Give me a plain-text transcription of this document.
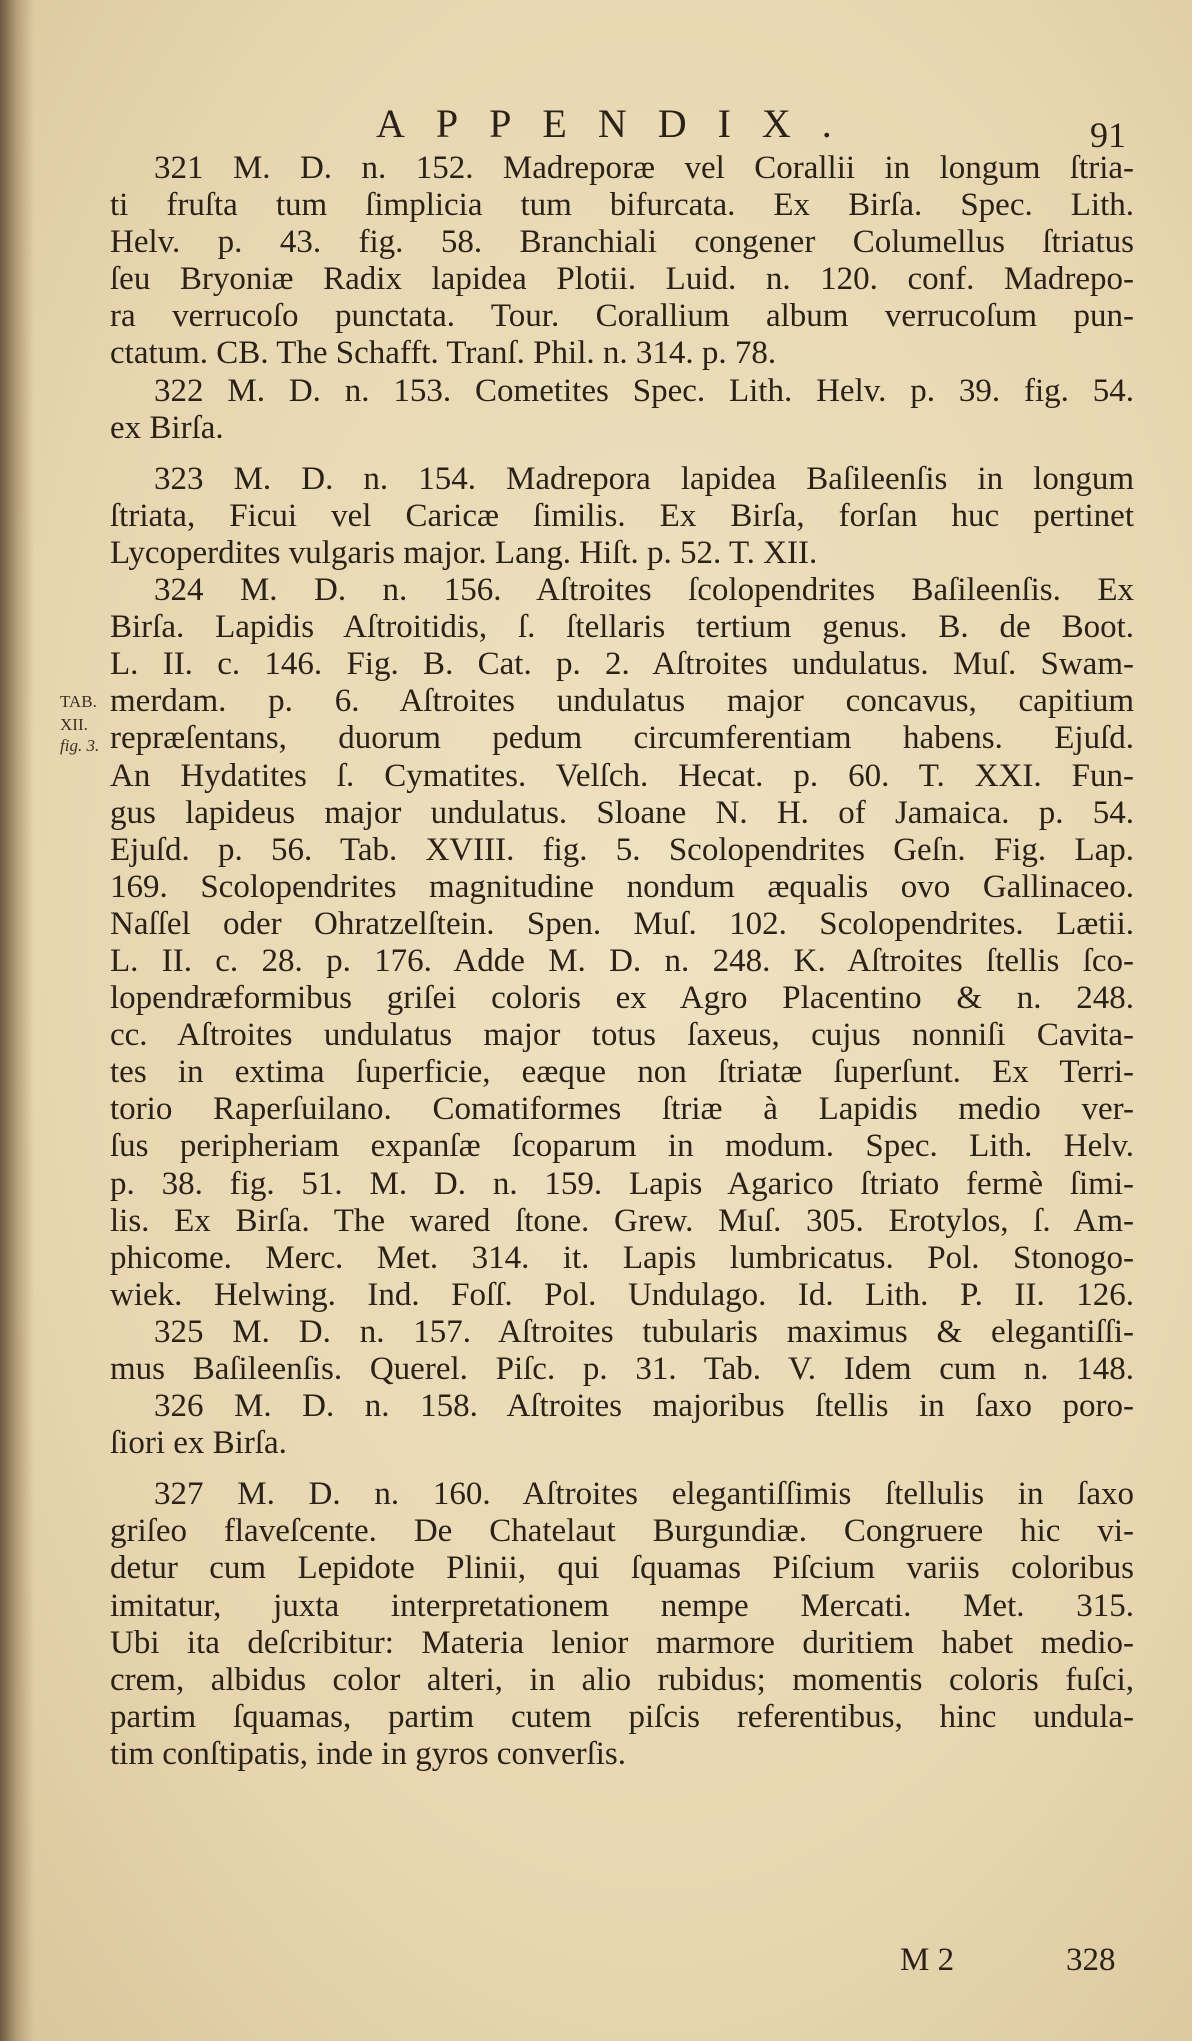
APPENDIX.	91
TAB.
XII.
fig. 3.
321 M. D. n. 152. Madreporæ vel Corallii in longum ſtria-
ti fruſta tum ſimplicia tum bifurcata. Ex Birſa. Spec. Lith.
Helv. p. 43. fig. 58. Branchiali congener Columellus ſtriatus
ſeu Bryoniæ Radix lapidea Plotii. Luid. n. 120. conf. Madrepo-
ra verrucoſo punctata. Tour. Corallium album verrucoſum pun-
ctatum. CB. The Schafft. Tranſ. Phil. n. 314. p. 78.
322 M. D. n. 153. Cometites Spec. Lith. Helv. p. 39. fig. 54.
ex Birſa.
323 M. D. n. 154. Madrepora lapidea Baſileenſis in longum
ſtriata, Ficui vel Caricæ ſimilis. Ex Birſa, forſan huc pertinet
Lycoperdites vulgaris major. Lang. Hiſt. p. 52. T. XII.
324 M. D. n. 156. Aſtroites ſcolopendrites Baſileenſis. Ex
Birſa. Lapidis Aſtroitidis, ſ. ſtellaris tertium genus. B. de Boot.
L. II. c. 146. Fig. B. Cat. p. 2. Aſtroites undulatus. Muſ. Swam-
merdam. p. 6. Aſtroites undulatus major concavus, capitium
repræſentans, duorum pedum circumferentiam habens. Ejuſd.
An Hydatites ſ. Cymatites. Velſch. Hecat. p. 60. T. XXI. Fun-
gus lapideus major undulatus. Sloane N. H. of Jamaica. p. 54.
Ejuſd. p. 56. Tab. XVIII. fig. 5. Scolopendrites Geſn. Fig. Lap.
169. Scolopendrites magnitudine nondum æqualis ovo Gallinaceo.
Naſſel oder Ohratzelſtein. Spen. Muſ. 102. Scolopendrites. Lætii.
L. II. c. 28. p. 176. Adde M. D. n. 248. K. Aſtroites ſtellis ſco-
lopendræformibus griſei coloris ex Agro Placentino & n. 248.
cc. Aſtroites undulatus major totus ſaxeus, cujus nonniſi Cavita-
tes in extima ſuperficie, eæque non ſtriatæ ſuperſunt. Ex Terri-
torio Raperſuilano. Comatiformes ſtriæ à Lapidis medio ver-
ſus peripheriam expanſæ ſcoparum in modum. Spec. Lith. Helv.
p. 38. fig. 51. M. D. n. 159. Lapis Agarico ſtriato fermè ſimi-
lis. Ex Birſa. The wared ſtone. Grew. Muſ. 305. Erotylos, ſ. Am-
phicome. Merc. Met. 314. it. Lapis lumbricatus. Pol. Stonogo-
wiek. Helwing. Ind. Foſſ. Pol. Undulago. Id. Lith. P. II. 126.
325 M. D. n. 157. Aſtroites tubularis maximus & elegantiſſi-
mus Baſileenſis. Querel. Piſc. p. 31. Tab. V. Idem cum n. 148.
326 M. D. n. 158. Aſtroites majoribus ſtellis in ſaxo poro-
ſiori ex Birſa.
327 M. D. n. 160. Aſtroites elegantiſſimis ſtellulis in ſaxo
griſeo flaveſcente. De Chatelaut Burgundiæ. Congruere hic vi-
detur cum Lepidote Plinii, qui ſquamas Piſcium variis coloribus
imitatur, juxta interpretationem nempe Mercati. Met. 315.
Ubi ita deſcribitur: Materia lenior marmore duritiem habet medio-
crem, albidus color alteri, in alio rubidus; momentis coloris fuſci,
partim ſquamas, partim cutem piſcis referentibus, hinc undula-
tim conſtipatis, inde in gyros converſis.
M 2	328
